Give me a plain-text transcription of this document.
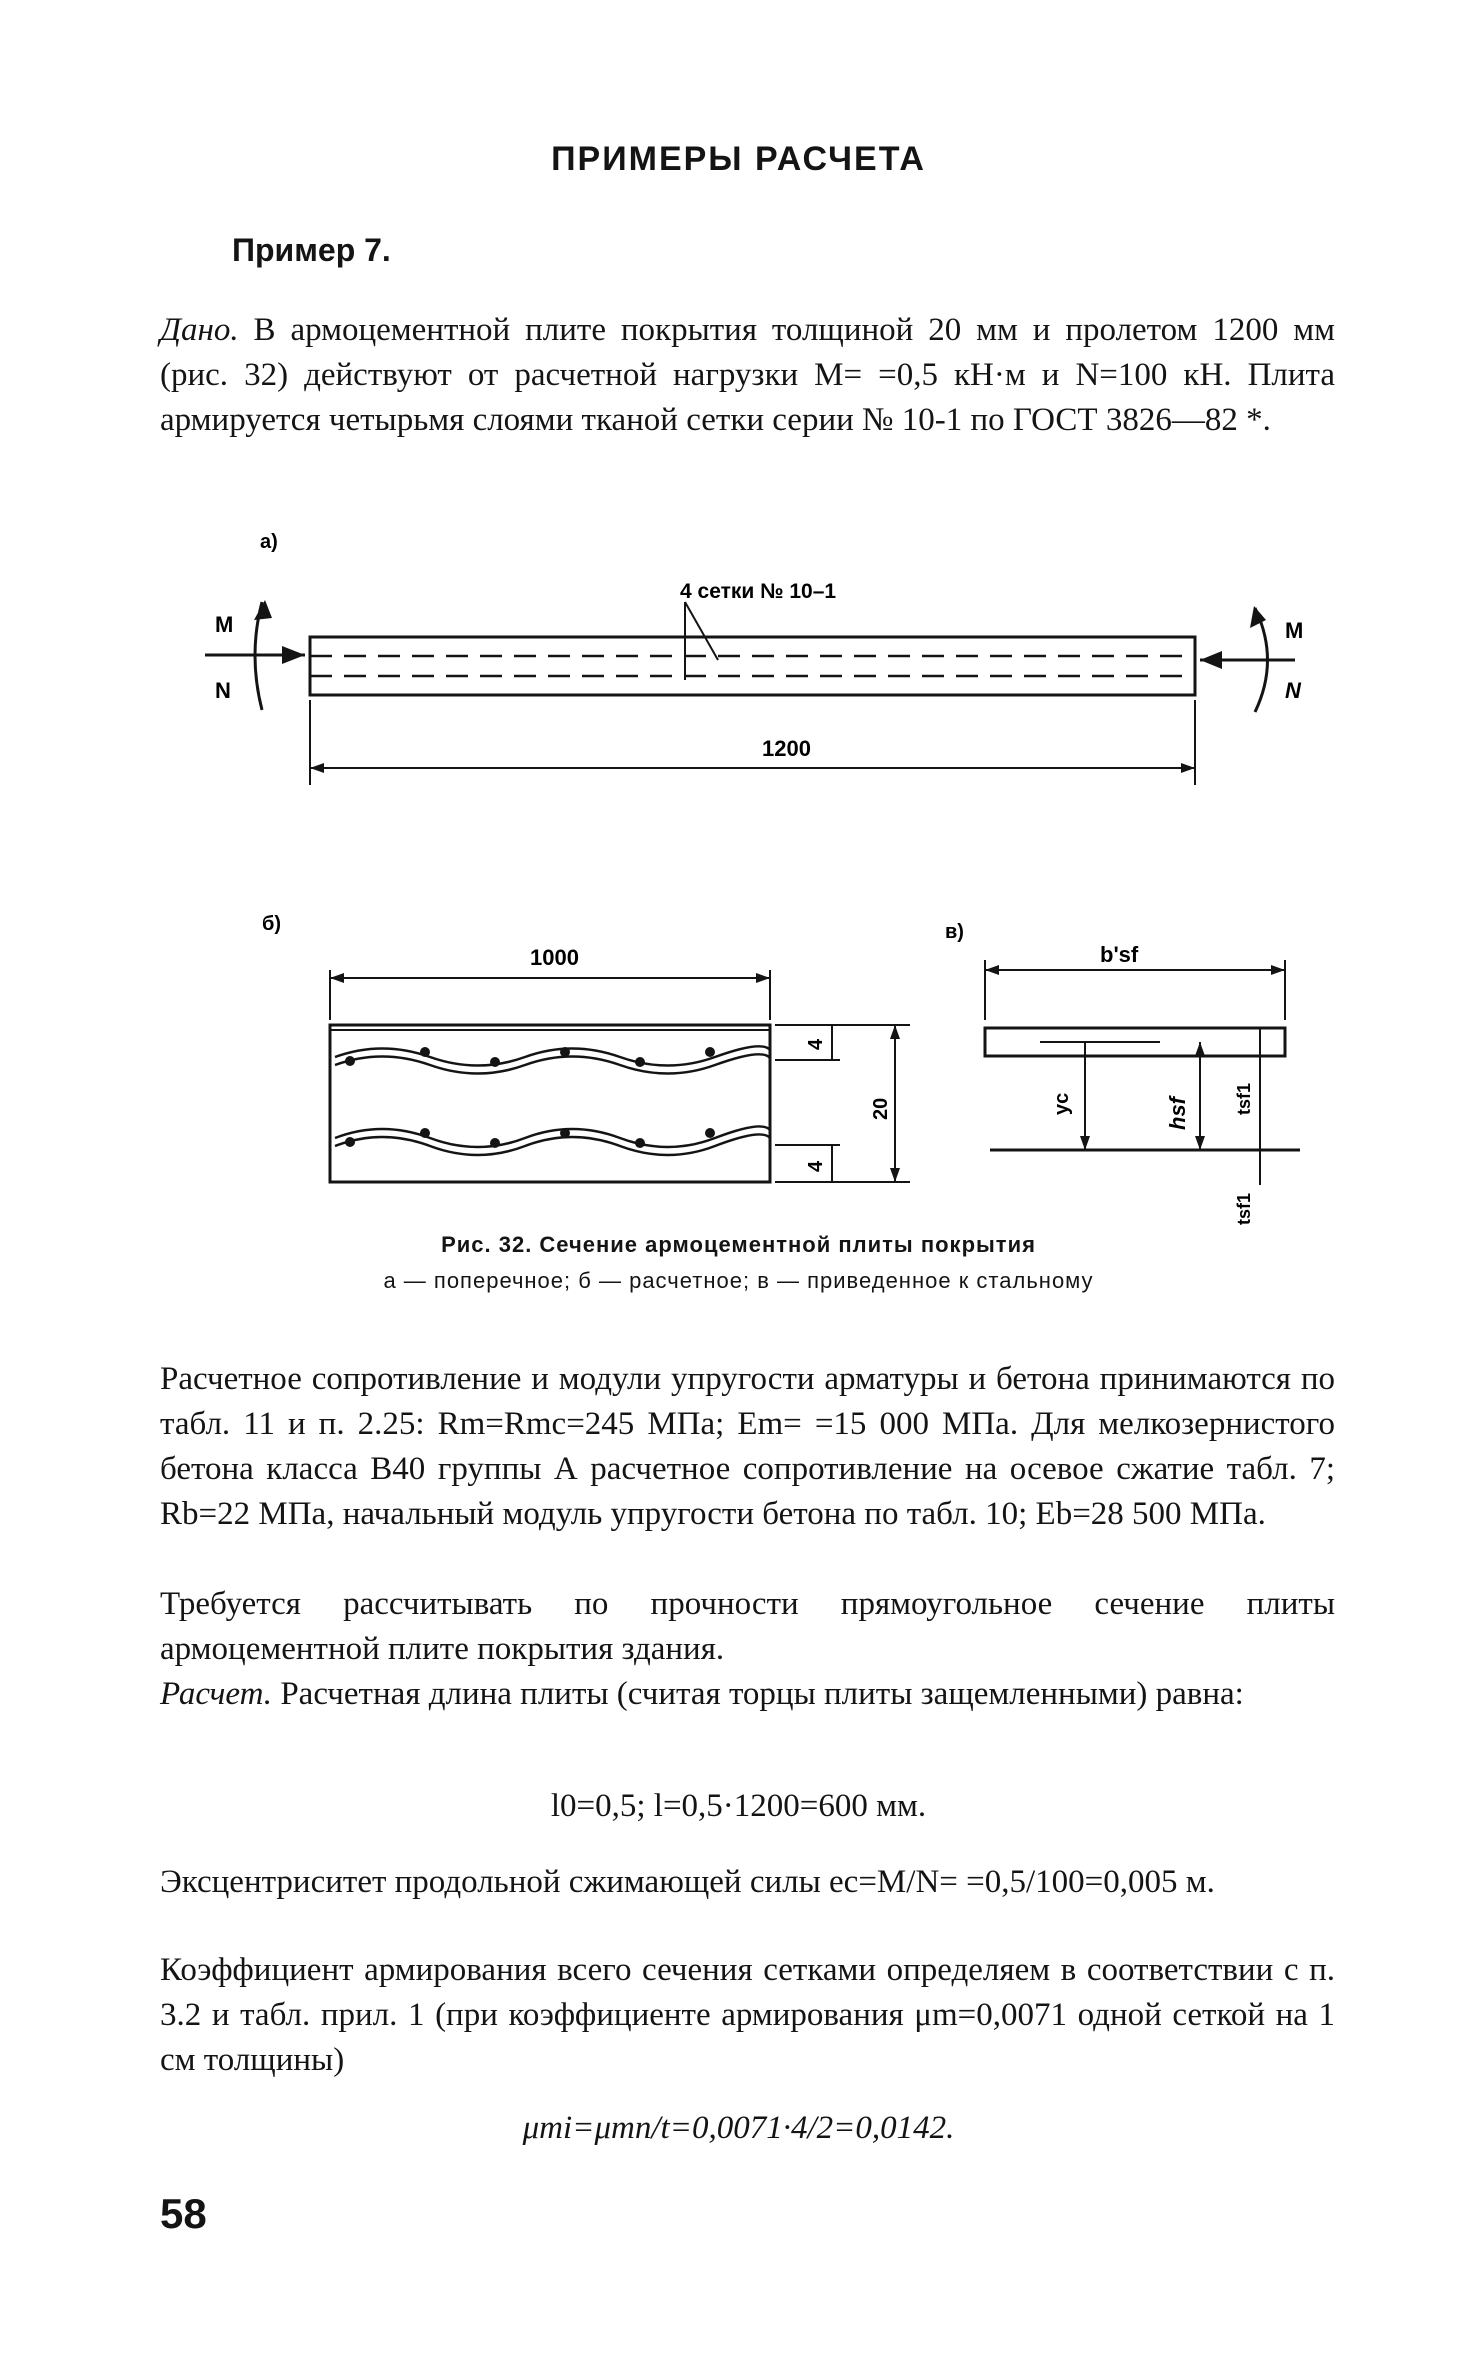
ПРИМЕРЫ РАСЧЕТА
Пример 7.
Дано. В армоцементной плите покрытия толщиной 20 мм и пролетом 1200 мм (рис. 32) действуют от расчетной нагрузки M= =0,5 кН·м и N=100 кН. Плита армируется четырьмя слоями тканой сетки серии № 10-1 по ГОСТ 3826—82 *.
4 сетки № 10–1
а)
M
N
M
N
1200
б)
1000
4
20
4
в)
b'sf
yc	hsf tsf1
tsf1
Рис. 32. Сечение армоцементной плиты покрытия
а — поперечное; б — расчетное; в — приведенное к стальному
Расчетное сопротивление и модули упругости арматуры и бетона принимаются по табл. 11 и п. 2.25: Rm=Rmc=245 МПа; Em= =15 000 МПа. Для мелкозернистого бетона класса В40 группы А расчетное сопротивление на осевое сжатие табл. 7; Rb=22 МПа, начальный модуль упругости бетона по табл. 10; Eb=28 500 МПа.
Требуется рассчитывать по прочности прямоугольное сечение плиты армоцементной плите покрытия здания.
Расчет. Расчетная длина плиты (считая торцы плиты защемленными) равна:
l0=0,5; l=0,5·1200=600 мм.
Эксцентриситет продольной сжимающей силы ec=M/N= =0,5/100=0,005 м.
Коэффициент армирования всего сечения сетками определяем в соответствии с п. 3.2 и табл. прил. 1 (при коэффициенте армирования μm=0,0071 одной сеткой на 1 см толщины)
μmi=μmn/t=0,0071·4/2=0,0142.
58
